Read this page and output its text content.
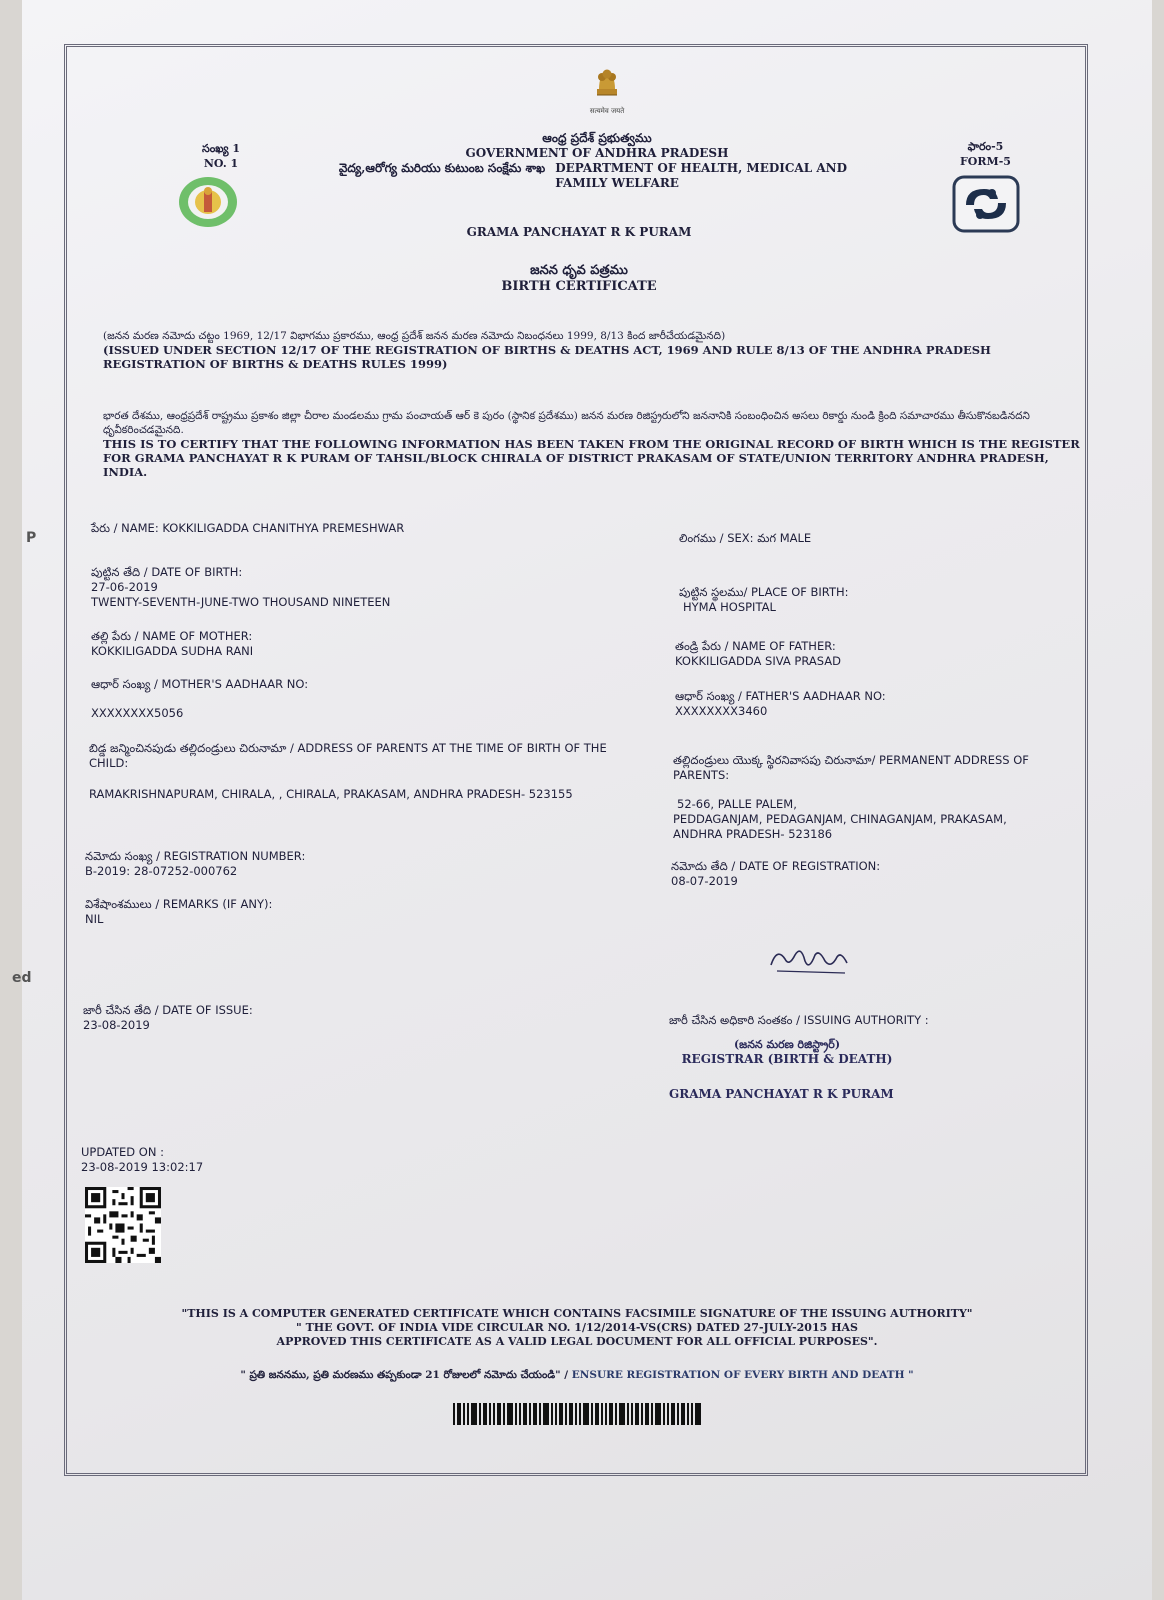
P
ed
सत्यमेव जयते
సంఖ్య 1
NO. 1
ఫారం-5
FORM-5
ఆంధ్ర ప్రదేశ్ ప్రభుత్వము
GOVERNMENT OF ANDHRA PRADESH
వైద్య,ఆరోగ్య మరియు కుటుంబ సంక్షేమ శాఖ DEPARTMENT OF HEALTH, MEDICAL AND FAMILY WELFARE
GRAMA PANCHAYAT R K PURAM
జనన ధృవ పత్రము
BIRTH CERTIFICATE
(జనన మరణ నమోదు చట్టం 1969, 12/17 విభాగము ప్రకారము, ఆంధ్ర ప్రదేశ్ జనన మరణ నమోదు నిబంధనలు 1999, 8/13 కింద జారీచేయడమైనది)
(ISSUED UNDER SECTION 12/17 OF THE REGISTRATION OF BIRTHS & DEATHS ACT, 1969 AND RULE 8/13 OF THE ANDHRA PRADESH REGISTRATION OF BIRTHS & DEATHS RULES 1999)
భారత దేశము, ఆంధ్రప్రదేశ్ రాష్ట్రము ప్రకాశం జిల్లా చీరాల మండలము గ్రామ పంచాయత్ ఆర్ కె పురం (స్థానిక ప్రదేశము) జనన మరణ రిజిస్ట్రరులోని జననానికి సంబంధించిన అసలు రికార్డు నుండి క్రింది సమాచారము తీసుకొనబడినదని ధృవీకరించడమైనది.
THIS IS TO CERTIFY THAT THE FOLLOWING INFORMATION HAS BEEN TAKEN FROM THE ORIGINAL RECORD OF BIRTH WHICH IS THE REGISTER FOR GRAMA PANCHAYAT R K PURAM OF TAHSIL/BLOCK CHIRALA OF DISTRICT PRAKASAM OF STATE/UNION TERRITORY ANDHRA PRADESH, INDIA.
పేరు / NAME: KOKKILIGADDA CHANITHYA PREMESHWAR
పుట్టిన తేది / DATE OF BIRTH:
27-06-2019
TWENTY-SEVENTH-JUNE-TWO THOUSAND NINETEEN
తల్లి పేరు / NAME OF MOTHER:
KOKKILIGADDA SUDHA RANI
ఆధార్ సంఖ్య / MOTHER'S AADHAAR NO:
XXXXXXXX5056
బిడ్డ జన్మించినపుడు తల్లిదండ్రులు చిరునామా / ADDRESS OF PARENTS AT THE TIME OF BIRTH OF THE CHILD:
RAMAKRISHNAPURAM, CHIRALA, , CHIRALA, PRAKASAM, ANDHRA PRADESH- 523155
నమోదు సంఖ్య / REGISTRATION NUMBER:
B-2019: 28-07252-000762
విశేషాంశములు / REMARKS (IF ANY):
NIL
జారీ చేసిన తేది / DATE OF ISSUE:
23-08-2019
UPDATED ON :
23-08-2019 13:02:17
లింగము / SEX: మగ MALE
పుట్టిన స్థలము/ PLACE OF BIRTH:
HYMA HOSPITAL
తండ్రి పేరు / NAME OF FATHER:
KOKKILIGADDA SIVA PRASAD
ఆధార్ సంఖ్య / FATHER'S AADHAAR NO:
XXXXXXXX3460
తల్లిదండ్రులు యొక్క స్థిరనివాసపు చిరునామా/ PERMANENT ADDRESS OF PARENTS:
52-66, PALLE PALEM,
PEDDAGANJAM, PEDAGANJAM, CHINAGANJAM, PRAKASAM,
ANDHRA PRADESH- 523186
నమోదు తేది / DATE OF REGISTRATION:
08-07-2019
జారీ చేసిన అధికారి సంతకం / ISSUING AUTHORITY :
(జనన మరణ రిజిస్ట్రార్)
REGISTRAR (BIRTH & DEATH)
GRAMA PANCHAYAT R K PURAM
"THIS IS A COMPUTER GENERATED CERTIFICATE WHICH CONTAINS FACSIMILE SIGNATURE OF THE ISSUING AUTHORITY"
" THE GOVT. OF INDIA VIDE CIRCULAR NO. 1/12/2014-VS(CRS) DATED 27-JULY-2015 HAS
APPROVED THIS CERTIFICATE AS A VALID LEGAL DOCUMENT FOR ALL OFFICIAL PURPOSES".
" ప్రతి జననము, ప్రతి మరణము తప్పకుండా 21 రోజులలో నమోదు చేయండి" / ENSURE REGISTRATION OF EVERY BIRTH AND DEATH "
